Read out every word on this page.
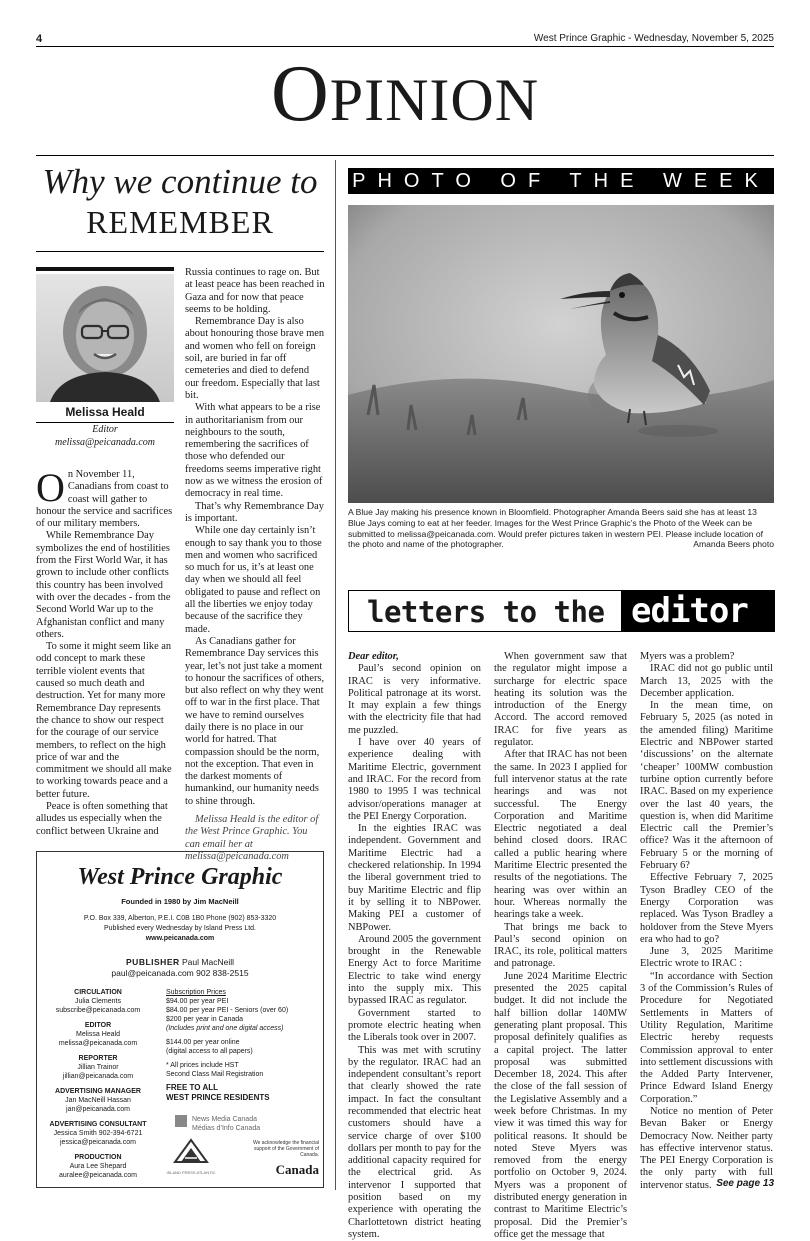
4	West Prince Graphic - Wednesday, November 5, 2025
OPINION
Why we continue to
REMEMBER
Melissa Heald
Editor
melissa@peicanada.com
O n November 11, Canadians from coast to coast will gather to honour the service and sacrifices of our military members.

While Remembrance Day symbolizes the end of hostilities from the First World War, it has grown to include other conflicts this country has been involved with over the decades - from the Second World War up to the Afghanistan conflict and many others.

To some it might seem like an odd concept to mark these terrible violent events that caused so much death and destruction. Yet for many more Remembrance Day represents the chance to show our respect for the courage of our service members, to reflect on the high price of war and the commitment we should all make to working towards peace and a better future.

Peace is often something that alludes us especially when the conflict between Ukraine and

Russia continues to rage on. But at least peace has been reached in Gaza and for now that peace seems to be holding.

Remembrance Day is also about honouring those brave men and women who fell on foreign soil, are buried in far off cemeteries and died to defend our freedom. Especially that last bit.

With what appears to be a rise in authoritarianism from our neighbours to the south, remembering the sacrifices of those who defended our freedoms seems imperative right now as we witness the erosion of democracy in real time.

That’s why Remembrance Day is important.

While one day certainly isn’t enough to say thank you to those men and women who sacrificed so much for us, it’s at least one day when we should all feel obligated to pause and reflect on all the liberties we enjoy today because of the sacrifice they made.

As Canadians gather for Remembrance Day services this year, let’s not just take a moment to honour the sacrifices of others, but also reflect on why they went off to war in the first place. That we have to remind ourselves daily there is no place in our world for hatred. That compassion should be the norm, not the exception. That even in the darkest moments of humankind, our humanity needs to shine through.

Melissa Heald is the editor of the West Prince Graphic. You can email her at melissa@peicanada.com

West Prince Graphic
Founded in 1980 by Jim MacNeill
P.O. Box 339, Alberton, P.E.I. C0B 1B0 Phone (902) 853-3320
Published every Wednesday by Island Press Ltd.
www.peicanada.com
PUBLISHER Paul MacNeill
paul@peicanada.com 902 838-2515
CIRCULATION
Julia Clements
subscribe@peicanada.com
EDITOR
Melissa Heald
melissa@peicanada.com
REPORTER
Jillian Trainor
jillian@peicanada.com
ADVERTISING MANAGER
Jan MacNeill Hassan
jan@peicanada.com
ADVERTISING CONSULTANT
Jessica Smith 902-394-6721
jessica@peicanada.com
PRODUCTION
Aura Lee Shepard
auralee@peicanada.com
Subscription Prices
$94.00 per year PEI
$84.00 per year PEI - Seniors (over 60)
$200 per year in Canada
(Includes print and one digital access)
$144.00 per year online
(digital access to all papers)
* All prices include HST
Second Class Mail Registration
FREE TO ALL
WEST PRINCE RESIDENTS
News Media Canada
Médias d’Info Canada
ISLAND PRESS ATLANTIC
We acknowledge the financial support of the Government of Canada.
Canada
PHOTO OF THE WEEK
A Blue Jay making his presence known in Bloomfield. Photographer Amanda Beers said she has at least 13 Blue Jays coming to eat at her feeder. Images for the West Prince Graphic’s the Photo of the Week can be submitted to melissa@peicanada.com. Would prefer pictures taken in western PEI. Please include location of the photo and name of the photographer.	Amanda Beers photo
letters to the editor

Dear editor,

Paul’s second opinion on IRAC is very informative. Political patronage at its worst. It may explain a few things with the electricity file that had me puzzled.

I have over 40 years of experience dealing with Maritime Electric, government and IRAC. For the record from 1980 to 1995 I was technical advisor/operations manager at the PEI Energy Corporation.

In the eighties IRAC was independent. Government and Maritime Electric had a checkered relationship. In 1994 the liberal government tried to buy Maritime Electric and flip it by selling it to NBPower. Making PEI a customer of NBPower.

Around 2005 the government brought in the Renewable Energy Act to force Maritime Electric to take wind energy into the supply mix. This bypassed IRAC as regulator.

Government started to promote electric heating when the Liberals took over in 2007.

This was met with scrutiny by the regulator. IRAC had an independent consultant’s report that clearly showed the rate impact. In fact the consultant recommended that electric heat customers should have a service charge of over $100 dollars per month to pay for the additional capacity required for the electrical grid. As intervenor I supported that position based on my experience with operating the Charlottetown district heating system.

When government saw that the regulator might impose a surcharge for electric space heating its solution was the introduction of the Energy Accord. The accord removed IRAC for five years as regulator.

After that IRAC has not been the same. In 2023 I applied for full intervenor status at the rate hearings and was not successful. The Energy Corporation and Maritime Electric negotiated a deal behind closed doors. IRAC called a public hearing where Maritime Electric presented the results of the negotiations. The hearing was over within an hour. Whereas normally the hearings take a week.

That brings me back to Paul’s second opinion on IRAC, its role, political matters and patronage.

June 2024 Maritime Electric presented the 2025 capital budget. It did not include the half billion dollar 140MW generating plant proposal. This proposal definitely qualifies as a capital project. The latter proposal was submitted December 18, 2024. This after the close of the fall session of the Legislative Assembly and a week before Christmas. In my view it was timed this way for political reasons. It should be noted Steve Myers was removed from the energy portfolio on October 9, 2024. Myers was a proponent of distributed energy generation in contrast to Maritime Electric’s proposal. Did the Premier’s office get the message that

Myers was a problem?

IRAC did not go public until March 13, 2025 with the December application.

In the mean time, on February 5, 2025 (as noted in the amended filing) Maritime Electric and NBPower started ‘discussions’ on the alternate ‘cheaper’ 100MW combustion turbine option currently before IRAC. Based on my experience over the last 40 years, the question is, when did Maritime Electric call the Premier’s office? Was it the afternoon of February 5 or the morning of February 6?

Effective February 7, 2025 Tyson Bradley CEO of the Energy Corporation was replaced. Was Tyson Bradley a holdover from the Steve Myers era who had to go?

June 3, 2025 Maritime Electric wrote to IRAC :

“In accordance with Section 3 of the Commission’s Rules of Procedure for Negotiated Settlements in Matters of Utility Regulation, Maritime Electric hereby requests Commission approval to enter into settlement discussions with the Added Party Intervener, Prince Edward Island Energy Corporation.”

Notice no mention of Peter Bevan Baker or Energy Democracy Now. Neither party has effective intervenor status. The PEI Energy Corporation is the only party with full intervenor status. See page 13
